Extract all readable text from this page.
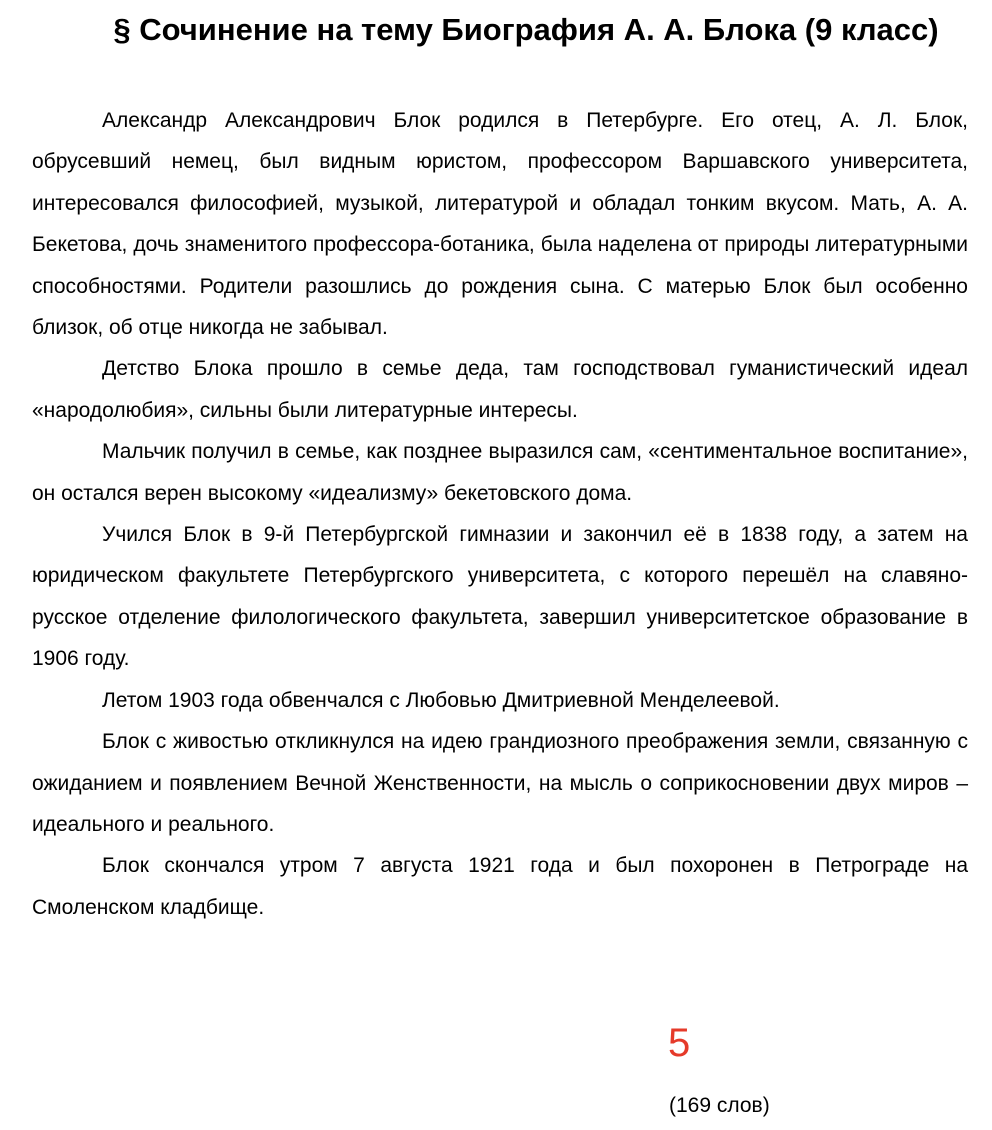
§ Сочинение на тему Биография А. А. Блока (9 класс)

Александр Александрович Блок родился в Петербурге. Его отец, А. Л. Блок, обрусевший немец, был видным юристом, профессором Варшавского университета, интересовался философией, музыкой, литературой и обладал тонким вкусом. Мать, А. А. Бекетова, дочь знаменитого профессора-ботаника, была наделена от природы литературными способностями. Родители разошлись до рождения сына. С матерью Блок был особенно близок, об отце никогда не забывал.

Детство Блока прошло в семье деда, там господствовал гуманистический идеал «народолюбия», сильны были литературные интересы.

Мальчик получил в семье, как позднее выразился сам, «сентиментальное воспитание», он остался верен высокому «идеализму» бекетовского дома.

Учился Блок в 9-й Петербургской гимназии и закончил её в 1838 году, а затем на юридическом факультете Петербургского университета, с которого перешёл на славяно-русское отделение филологического факультета, завершил университетское образование в 1906 году.

Летом 1903 года обвенчался с Любовью Дмитриевной Менделеевой.

Блок с живостью откликнулся на идею грандиозного преображения земли, связанную с ожиданием и появлением Вечной Женственности, на мысль о соприкосновении двух миров – идеального и реального.

Блок скончался утром 7 августа 1921 года и был похоронен в Петрограде на Смоленском кладбище.

5
(169 слов)
